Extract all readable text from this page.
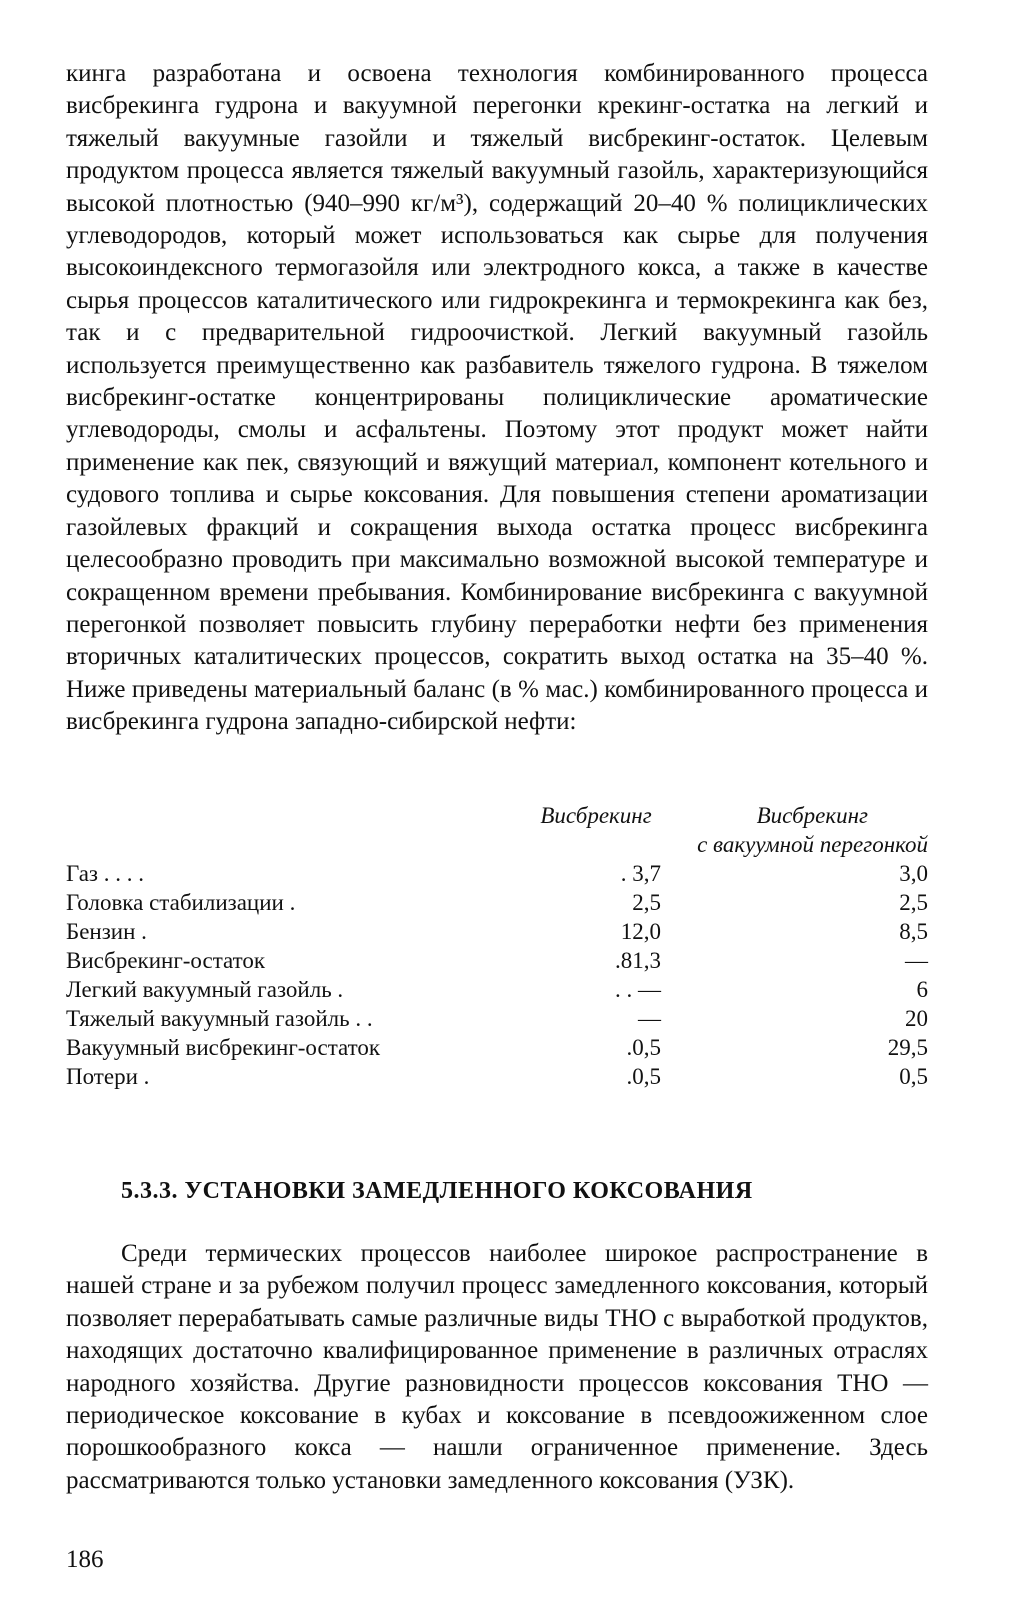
кинга разработана и освоена технология комбинированного процесса висбрекинга гудрона и вакуумной перегонки крекинг-остатка на легкий и тяжелый вакуумные газойли и тяжелый висбрекинг-остаток. Целевым продуктом процесса является тяжелый вакуумный газойль, характеризующийся высокой плотностью (940–990 кг/м³), содержащий 20–40 % полициклических углеводородов, который может использоваться как сырье для получения высокоиндексного термогазойля или электродного кокса, а также в качестве сырья процессов каталитического или гидрокрекинга и термокрекинга как без, так и с предварительной гидроочисткой. Легкий вакуумный газойль используется преимущественно как разбавитель тяжелого гудрона. В тяжелом висбрекинг-остатке концентрированы полициклические ароматические углеводороды, смолы и асфальтены. Поэтому этот продукт может найти применение как пек, связующий и вяжущий материал, компонент котельного и судового топлива и сырье коксования. Для повышения степени ароматизации газойлевых фракций и сокращения выхода остатка процесс висбрекинга целесообразно проводить при максимально возможной высокой температуре и сокращенном времени пребывания. Комбинирование висбрекинга с вакуумной перегонкой позволяет повысить глубину переработки нефти без применения вторичных каталитических процессов, сократить выход остатка на 35–40 %. Ниже приведены материальный баланс (в % мас.) комбинированного процесса и висбрекинга гудрона западно-сибирской нефти:

	Висбрекинг	Висбрекинг
		с вакуумной перегонкой
Газ . . . .	. 3,7	3,0
Головка стабилизации .	2,5	2,5
Бензин .	12,0	8,5
Висбрекинг-остаток	.81,3	—
Легкий вакуумный газойль .	. . —	6
Тяжелый вакуумный газойль . .	—	20
Вакуумный висбрекинг-остаток	.0,5	29,5
Потери .	.0,5	0,5
5.3.3. УСТАНОВКИ ЗАМЕДЛЕННОГО КОКСОВАНИЯ

Среди термических процессов наиболее широкое распространение в нашей стране и за рубежом получил процесс замедленного коксования, который позволяет перерабатывать самые различные виды ТНО с выработкой продуктов, находящих достаточно квалифицированное применение в различных отраслях народного хозяйства. Другие разновидности процессов коксования ТНО — периодическое коксование в кубах и коксование в псевдоожиженном слое порошкообразного кокса — нашли ограниченное применение. Здесь рассматриваются только установки замедленного коксования (УЗК).

186
